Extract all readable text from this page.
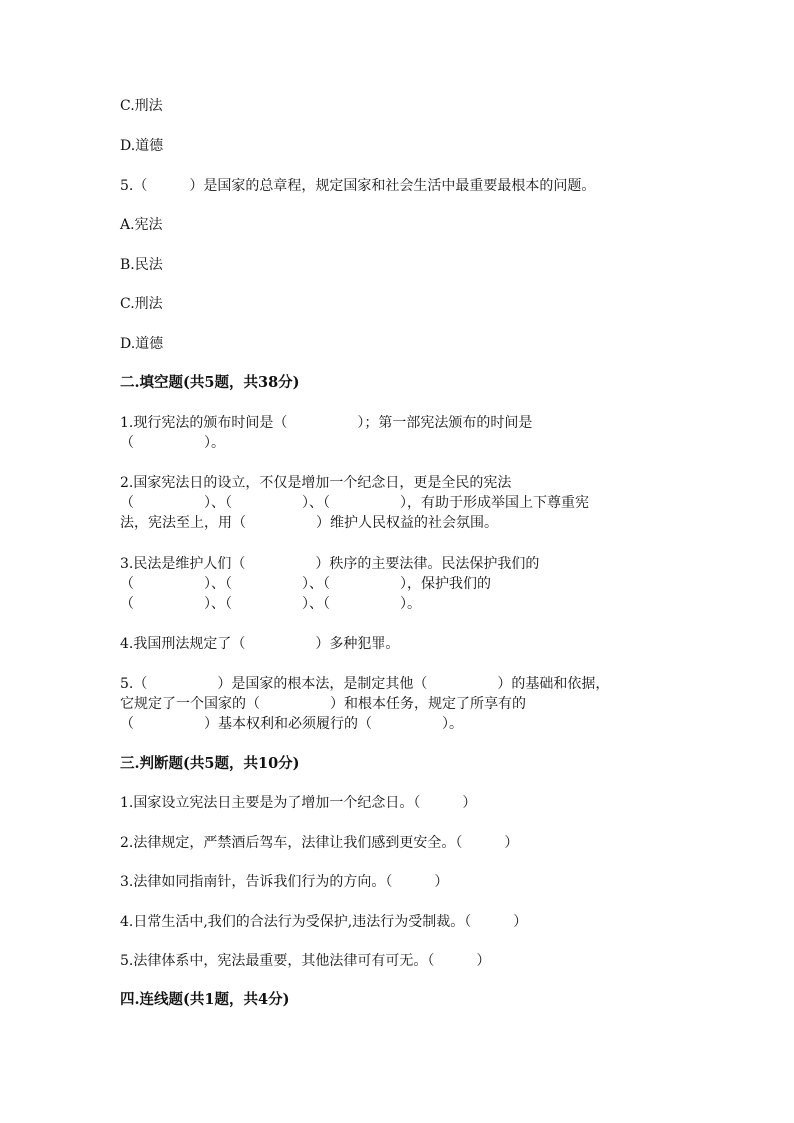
C.刑法
D.道德
5.（　　　）是国家的总章程，规定国家和社会生活中最重要最根本的问题。
A.宪法
B.民法
C.刑法
D.道德
二.填空题(共5题，共38分)
1.现行宪法的颁布时间是（　　　　　）；第一部宪法颁布的时间是
（　　　　　）。
2.国家宪法日的设立，不仅是增加一个纪念日，更是全民的宪法
（　　　　　）、（　　　　　）、（　　　　　），有助于形成举国上下尊重宪
法，宪法至上，用（　　　　　）维护人民权益的社会氛围。
3.民法是维护人们（　　　　　）秩序的主要法律。民法保护我们的
（　　　　　）、（　　　　　）、（　　　　　），保护我们的
（　　　　　）、（　　　　　）、（　　　　　）。
4.我国刑法规定了（　　　　　）多种犯罪。
5.（　　　　　）是国家的根本法，是制定其他（　　　　　）的基础和依据，
它规定了一个国家的（　　　　　）和根本任务，规定了所享有的
（　　　　　）基本权利和必须履行的（　　　　　）。
三.判断题(共5题，共10分)
1.国家设立宪法日主要是为了增加一个纪念日。（　　　）
2.法律规定，严禁酒后驾车，法律让我们感到更安全。（　　　）
3.法律如同指南针，告诉我们行为的方向。（　　　）
4.日常生活中,我们的合法行为受保护,违法行为受制裁。（　　　）
5.法律体系中，宪法最重要，其他法律可有可无。（　　　）
四.连线题(共1题，共4分)
